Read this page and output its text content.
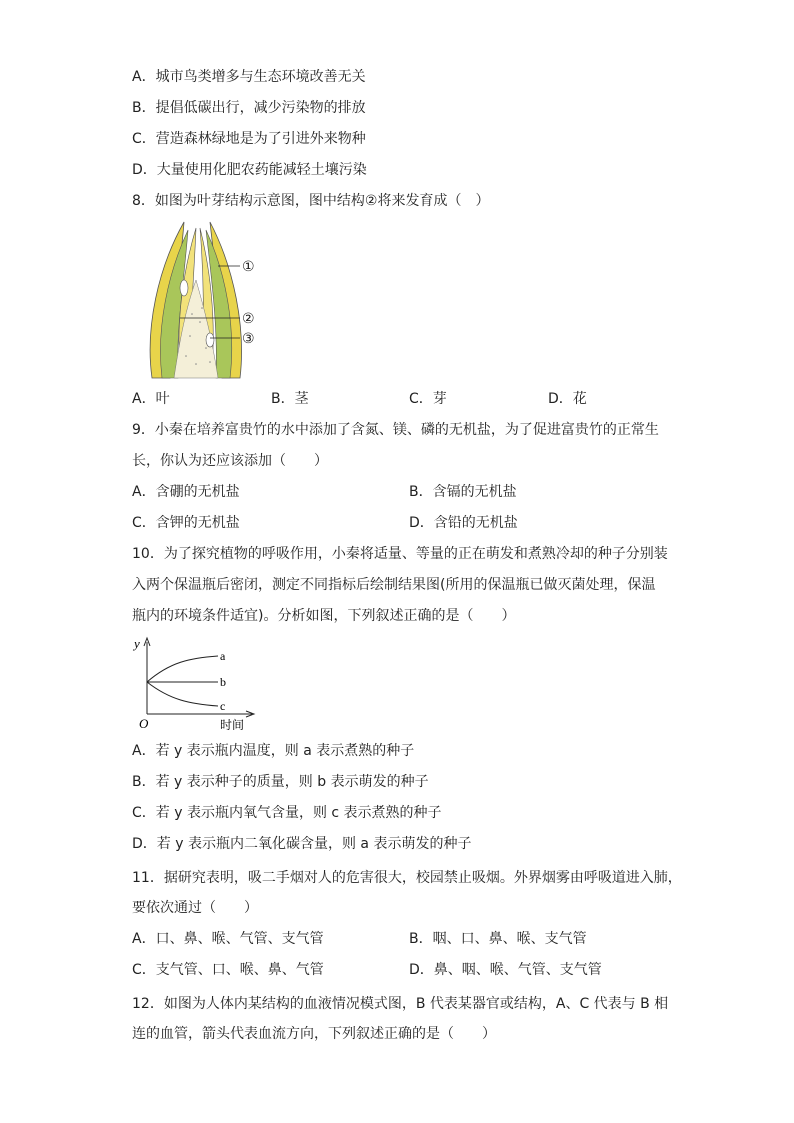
A．城市鸟类增多与生态环境改善无关
B．提倡低碳出行，减少污染物的排放
C．营造森林绿地是为了引进外来物种
D．大量使用化肥农药能减轻土壤污染
8．如图为叶芽结构示意图，图中结构②将来发育成（　）
①
②
③
A．叶	B．茎	C．芽	D．花
9．小秦在培养富贵竹的水中添加了含氮、镁、磷的无机盐，为了促进富贵竹的正常生
长，你认为还应该添加（　　）
A．含硼的无机盐	B．含镉的无机盐
C．含钾的无机盐	D．含铅的无机盐
10．为了探究植物的呼吸作用，小秦将适量、等量的正在萌发和煮熟冷却的种子分别装
入两个保温瓶后密闭，测定不同指标后绘制结果图(所用的保温瓶已做灭菌处理，保温
瓶内的环境条件适宜)。分析如图，下列叙述正确的是（　　）
y
O	时间
a
b
c
A．若 y 表示瓶内温度，则 a 表示煮熟的种子
B．若 y 表示种子的质量，则 b 表示萌发的种子
C．若 y 表示瓶内氧气含量，则 c 表示煮熟的种子
D．若 y 表示瓶内二氧化碳含量，则 a 表示萌发的种子
11．据研究表明，吸二手烟对人的危害很大，校园禁止吸烟。外界烟雾由呼吸道进入肺，
要依次通过（　　）
A．口、鼻、喉、气管、支气管	B．咽、口、鼻、喉、支气管
C．支气管、口、喉、鼻、气管	D．鼻、咽、喉、气管、支气管
12．如图为人体内某结构的血液情况模式图，B 代表某器官或结构，A、C 代表与 B 相
连的血管，箭头代表血流方向，下列叙述正确的是（　　）
